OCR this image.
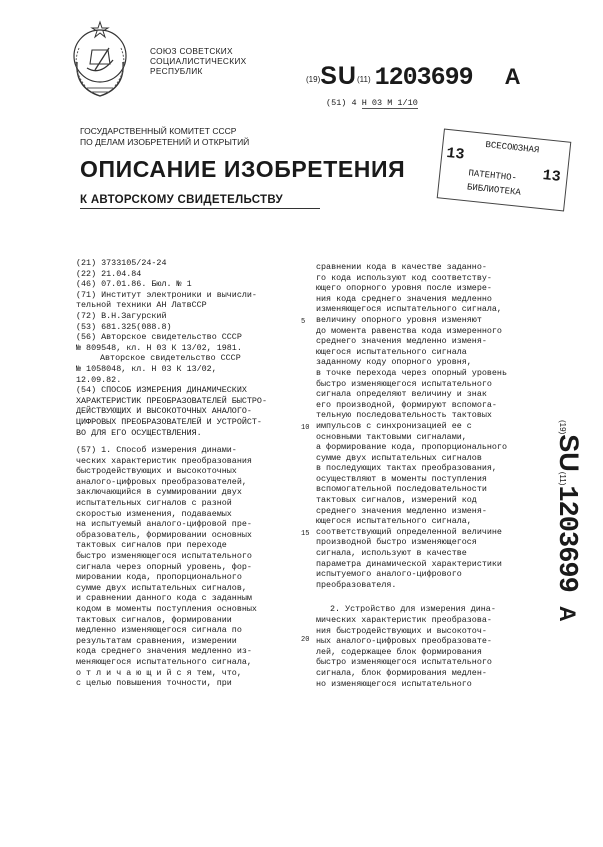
СОЮЗ СОВЕТСКИХ
СОЦИАЛИСТИЧЕСКИХ
РЕСПУБЛИК
(19)SU(11) 1203699 A
(51) 4 Н 03 М 1/10
ГОСУДАРСТВЕННЫЙ КОМИТЕТ СССР
ПО ДЕЛАМ ИЗОБРЕТЕНИЙ И ОТКРЫТИЙ
ОПИСАНИЕ ИЗОБРЕТЕНИЯ
К АВТОРСКОМУ СВИДЕТЕЛЬСТВУ
ВСЕСОЮЗНАЯ
13
ПАТЕНТНО- 13
БИБЛИОТЕКА

(21) 3733105/24-24

(22) 21.04.84

(46) 07.01.86. Бюл. № 1

(71) Институт электроники и вычисли-

тельной техники АН ЛатвССР

(72) В.Н.Загурский

(53) 681.325(088.8)

(56) Авторское свидетельство СССР

№ 809548, кл. Н 03 К 13/02, 1981.

Авторское свидетельство СССР

№ 1058048, кл. Н 03 К 13/02,

12.09.82.

(54) СПОСОБ ИЗМЕРЕНИЯ ДИНАМИЧЕСКИХ

ХАРАКТЕРИСТИК ПРЕОБРАЗОВАТЕЛЕЙ БЫСТРО-

ДЕЙСТВУЮЩИХ И ВЫСОКОТОЧНЫХ АНАЛОГО-

ЦИФРОВЫХ ПРЕОБРАЗОВАТЕЛЕЙ И УСТРОЙСТ-

ВО ДЛЯ ЕГО ОСУЩЕСТВЛЕНИЯ.

(57) 1. Способ измерения динами-

ческих характеристик преобразования

быстродействующих и высокоточных

аналого-цифровых преобразователей,

заключающийся в суммировании двух

испытательных сигналов с разной

скоростью изменения, подаваемых

на испытуемый аналого-цифровой пре-

образователь, формировании основных

тактовых сигналов при переходе

быстро изменяющегося испытательного

сигнала через опорный уровень, фор-

мировании кода, пропорционального

сумме двух испытательных сигналов,

и сравнении данного кода с заданным

кодом в моменты поступления основных

тактовых сигналов, формировании

медленно изменяющегося сигнала по

результатам сравнения, измерении

кода среднего значения медленно из-

меняющегося испытательного сигнала,

о т л и ч а ю щ и й с я тем, что,

с целью повышения точности, при

5
10
15
20

сравнении кода в качестве заданно-

го кода используют код соответству-

ющего опорного уровня после измере-

ния кода среднего значения медленно

изменяющегося испытательного сигнала,

величину опорного уровня изменяют

до момента равенства кода измеренного

среднего значения медленно изменя-

ющегося испытательного сигнала

заданному коду опорного уровня,

в точке перехода через опорный уровень

быстро изменяющегося испытательного

сигнала определяют величину и знак

его производной, формируют вспомога-

тельную последовательность тактовых

импульсов с синхронизацией ее с

основными тактовыми сигналами,

а формирование кода, пропорционального

сумме двух испытательных сигналов

в последующих тактах преобразования,

осуществляют в моменты поступления

вспомогательной последовательности

тактовых сигналов, измерений код

среднего значения медленно изменя-

ющегося испытательного сигнала,

соответствующий определенной величине

производной быстро изменяющегося

сигнала, используют в качестве

параметра динамической характеристики

испытуемого аналого-цифрового

преобразователя.

2. Устройство для измерения дина-

мических характеристик преобразова-

ния быстродействующих и высокоточ-

ных аналого-цифровых преобразовате-

лей, содержащее блок формирования

быстро изменяющегося испытательного

сигнала, блок формирования медлен-

но изменяющегося испытательного

(19)SU(11)1203699A
